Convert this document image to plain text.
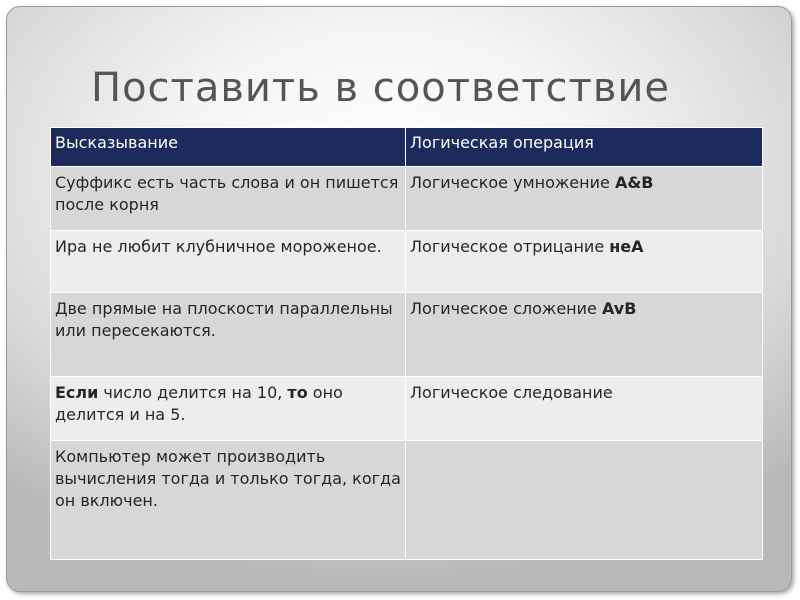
Поставить в соответствие
Высказывание	Логическая операция
Суффикс есть часть слова и он пишется после корня	Логическое умножение A&B
Ира не любит клубничное мороженое.	Логическое отрицание неА
Две прямые на плоскости параллельны или пересекаются.	Логическое сложение AvB
Если число делится на 10, то оно делится и на 5.	Логическое следование
Компьютер может производить вычисления тогда и только тогда, когда он включен.	
